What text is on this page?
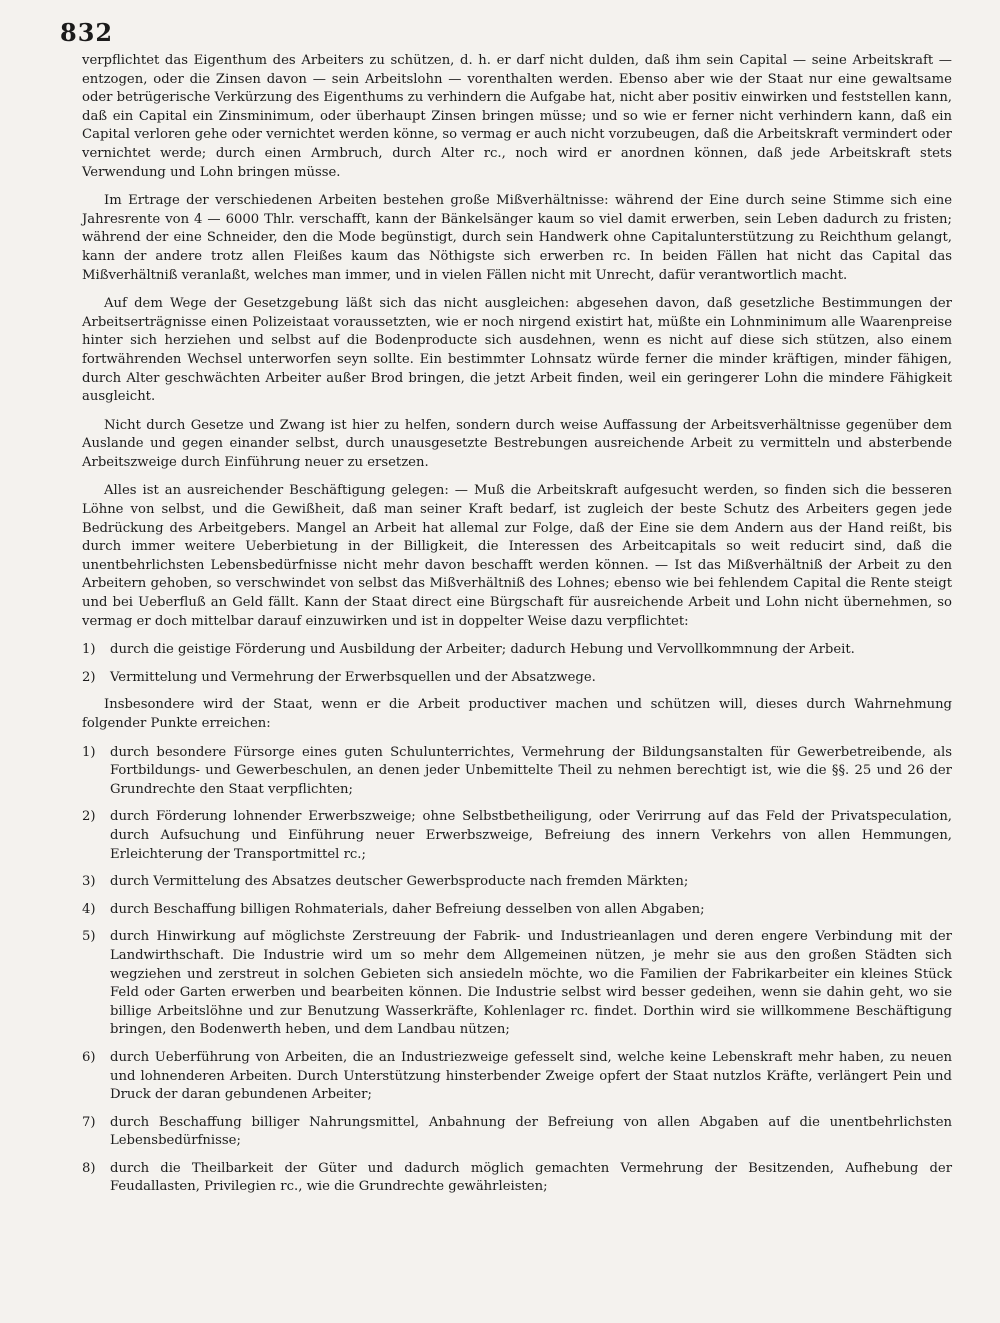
832

verpflichtet das Eigenthum des Arbeiters zu schützen, d. h. er darf nicht dulden, daß ihm sein Capital — seine Arbeitskraft — entzogen, oder die Zinsen davon — sein Arbeitslohn — vorenthalten werden. Ebenso aber wie der Staat nur eine gewaltsame oder betrügerische Verkürzung des Eigenthums zu verhindern die Aufgabe hat, nicht aber positiv einwirken und feststellen kann, daß ein Capital ein Zinsminimum, oder überhaupt Zinsen bringen müsse; und so wie er ferner nicht verhindern kann, daß ein Capital verloren gehe oder vernichtet werden könne, so vermag er auch nicht vorzubeugen, daß die Arbeitskraft vermindert oder vernichtet werde; durch einen Armbruch, durch Alter rc., noch wird er anordnen können, daß jede Arbeitskraft stets Verwendung und Lohn bringen müsse.

Im Ertrage der verschiedenen Arbeiten bestehen große Mißverhältnisse: während der Eine durch seine Stimme sich eine Jahresrente von 4 — 6000 Thlr. verschafft, kann der Bänkelsänger kaum so viel damit erwerben, sein Leben dadurch zu fristen; während der eine Schneider, den die Mode begünstigt, durch sein Handwerk ohne Capitalunterstützung zu Reichthum gelangt, kann der andere trotz allen Fleißes kaum das Nöthigste sich erwerben rc. In beiden Fällen hat nicht das Capital das Mißverhältniß veranlaßt, welches man immer, und in vielen Fällen nicht mit Unrecht, dafür verantwortlich macht.

Auf dem Wege der Gesetzgebung läßt sich das nicht ausgleichen: abgesehen davon, daß gesetzliche Bestimmungen der Arbeitserträgnisse einen Polizeistaat voraussetzten, wie er noch nirgend existirt hat, müßte ein Lohnminimum alle Waarenpreise hinter sich herziehen und selbst auf die Bodenproducte sich ausdehnen, wenn es nicht auf diese sich stützen, also einem fortwährenden Wechsel unterworfen seyn sollte. Ein bestimmter Lohnsatz würde ferner die minder kräftigen, minder fähigen, durch Alter geschwächten Arbeiter außer Brod bringen, die jetzt Arbeit finden, weil ein geringerer Lohn die mindere Fähigkeit ausgleicht.

Nicht durch Gesetze und Zwang ist hier zu helfen, sondern durch weise Auffassung der Arbeitsverhältnisse gegenüber dem Auslande und gegen einander selbst, durch unausgesetzte Bestrebungen ausreichende Arbeit zu vermitteln und absterbende Arbeitszweige durch Einführung neuer zu ersetzen.

Alles ist an ausreichender Beschäftigung gelegen: — Muß die Arbeitskraft aufgesucht werden, so finden sich die besseren Löhne von selbst, und die Gewißheit, daß man seiner Kraft bedarf, ist zugleich der beste Schutz des Arbeiters gegen jede Bedrückung des Arbeitgebers. Mangel an Arbeit hat allemal zur Folge, daß der Eine sie dem Andern aus der Hand reißt, bis durch immer weitere Ueberbietung in der Billigkeit, die Interessen des Arbeitcapitals so weit reducirt sind, daß die unentbehrlichsten Lebensbedürfnisse nicht mehr davon beschafft werden können. — Ist das Mißverhältniß der Arbeit zu den Arbeitern gehoben, so verschwindet von selbst das Mißverhältniß des Lohnes; ebenso wie bei fehlendem Capital die Rente steigt und bei Ueberfluß an Geld fällt. Kann der Staat direct eine Bürgschaft für ausreichende Arbeit und Lohn nicht übernehmen, so vermag er doch mittelbar darauf einzuwirken und ist in doppelter Weise dazu verpflichtet:

1)	durch die geistige Förderung und Ausbildung der Arbeiter; dadurch Hebung und Vervollkommnung der Arbeit.
2)	Vermittelung und Vermehrung der Erwerbsquellen und der Absatzwege.

Insbesondere wird der Staat, wenn er die Arbeit productiver machen und schützen will, dieses durch Wahrnehmung folgender Punkte erreichen:

1)	durch besondere Fürsorge eines guten Schulunterrichtes, Vermehrung der Bildungsanstalten für Gewerbetreibende, als Fortbildungs- und Gewerbeschulen, an denen jeder Unbemittelte Theil zu nehmen berechtigt ist, wie die §§. 25 und 26 der Grundrechte den Staat verpflichten;
2)	durch Förderung lohnender Erwerbszweige; ohne Selbstbetheiligung, oder Verirrung auf das Feld der Privatspeculation, durch Aufsuchung und Einführung neuer Erwerbszweige, Befreiung des innern Verkehrs von allen Hemmungen, Erleichterung der Transportmittel rc.;
3)	durch Vermittelung des Absatzes deutscher Gewerbsproducte nach fremden Märkten;
4)	durch Beschaffung billigen Rohmaterials, daher Befreiung desselben von allen Abgaben;
5)	durch Hinwirkung auf möglichste Zerstreuung der Fabrik- und Industrieanlagen und deren engere Verbindung mit der Landwirthschaft. Die Industrie wird um so mehr dem Allgemeinen nützen, je mehr sie aus den großen Städten sich wegziehen und zerstreut in solchen Gebieten sich ansiedeln möchte, wo die Familien der Fabrikarbeiter ein kleines Stück Feld oder Garten erwerben und bearbeiten können. Die Industrie selbst wird besser gedeihen, wenn sie dahin geht, wo sie billige Arbeitslöhne und zur Benutzung Wasserkräfte, Kohlenlager rc. findet. Dorthin wird sie willkommene Beschäftigung bringen, den Bodenwerth heben, und dem Landbau nützen;
6)	durch Ueberführung von Arbeiten, die an Industriezweige gefesselt sind, welche keine Lebenskraft mehr haben, zu neuen und lohnenderen Arbeiten. Durch Unterstützung hinsterbender Zweige opfert der Staat nutzlos Kräfte, verlängert Pein und Druck der daran gebundenen Arbeiter;
7)	durch Beschaffung billiger Nahrungsmittel, Anbahnung der Befreiung von allen Abgaben auf die unentbehrlichsten Lebensbedürfnisse;
8)	durch die Theilbarkeit der Güter und dadurch möglich gemachten Vermehrung der Besitzenden, Aufhebung der Feudallasten, Privilegien rc., wie die Grundrechte gewährleisten;
